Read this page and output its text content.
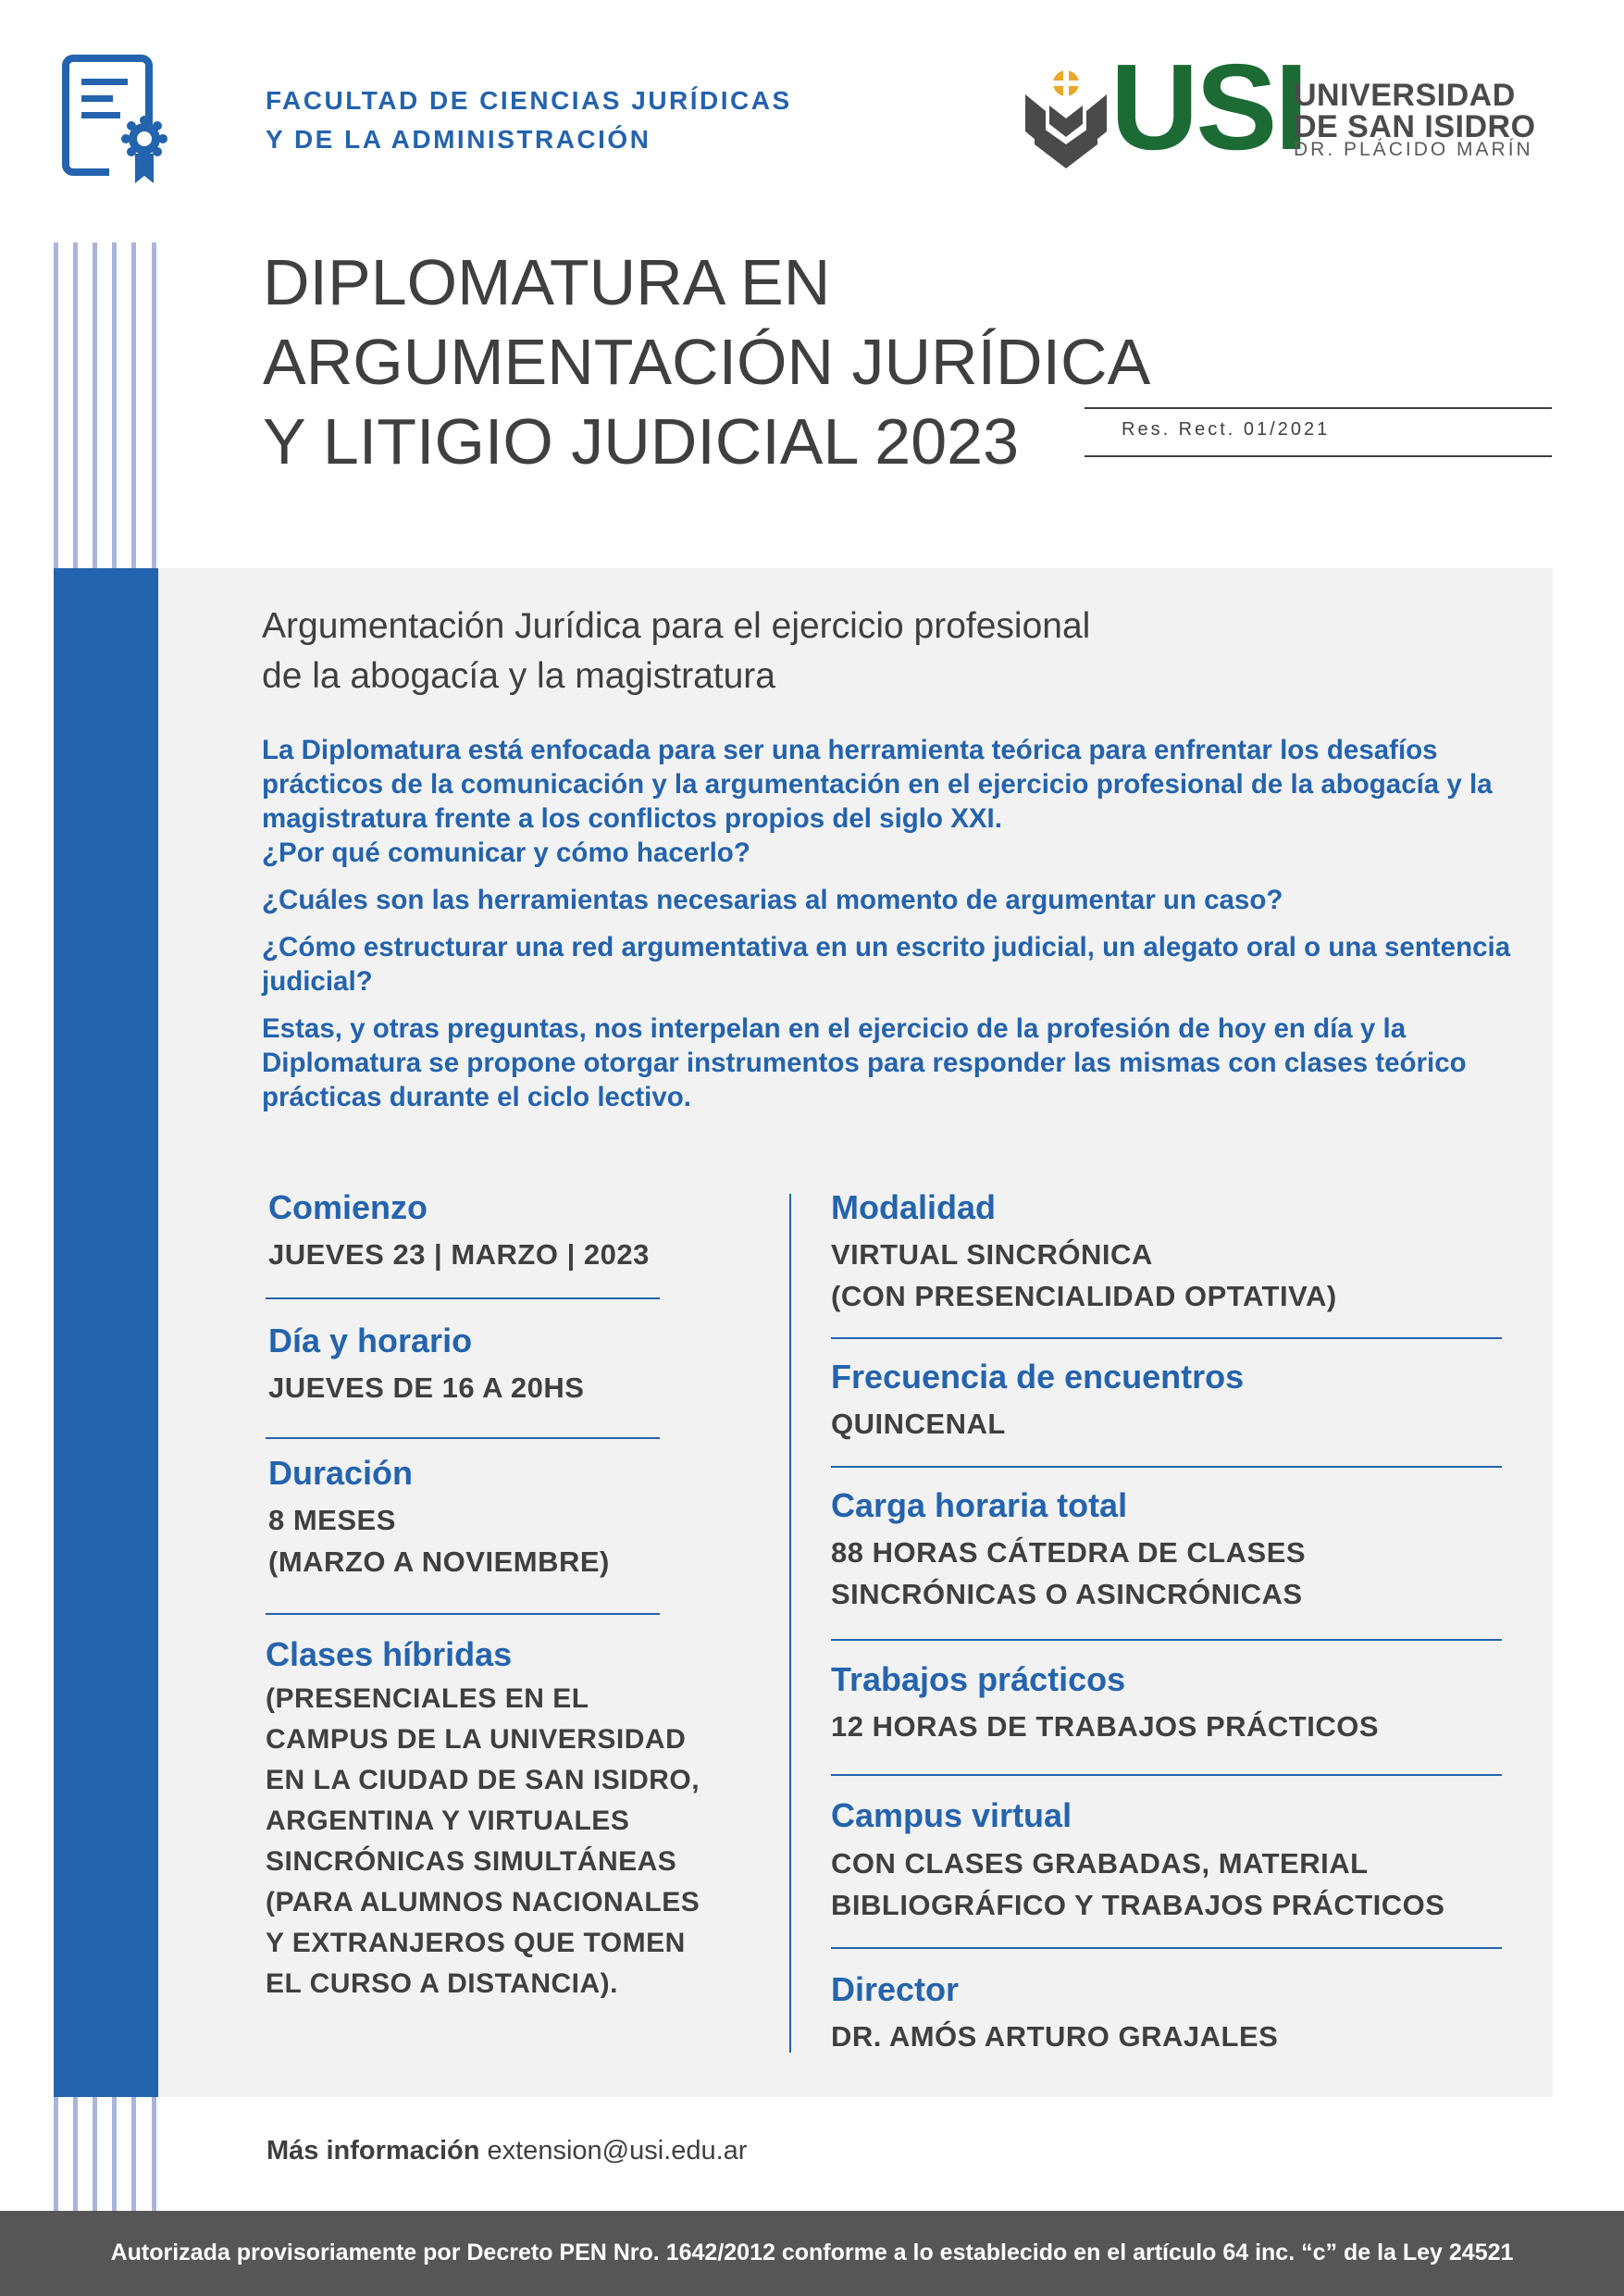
FACULTAD DE CIENCIAS JURÍDICAS
Y DE LA ADMINISTRACIÓN	USI
UNIVERSIDAD
DE SAN ISIDRO
DR. PLÁCIDO MARÍN
DIPLOMATURA EN
ARGUMENTACIÓN JURÍDICA
Y LITIGIO JUDICIAL 2023	Res. Rect. 01/2021
Argumentación Jurídica para el ejercicio profesional
de la abogacía y la magistratura

La Diplomatura está enfocada para ser una herramienta teórica para enfrentar los desafíos prácticos de la comunicación y la argumentación en el ejercicio profesional de la abogacía y la magistratura frente a los conflictos propios del siglo XXI.

¿Por qué comunicar y cómo hacerlo?

¿Cuáles son las herramientas necesarias al momento de argumentar un caso?

¿Cómo estructurar una red argumentativa en un escrito judicial, un alegato oral o una sentencia judicial?

Estas, y otras preguntas, nos interpelan en el ejercicio de la profesión de hoy en día y la Diplomatura se propone otorgar instrumentos para responder las mismas con clases teórico prácticas durante el ciclo lectivo.

Comienzo
JUEVES 23 | MARZO | 2023
Día y horario
JUEVES DE 16 A 20HS
Duración
8 MESES
(MARZO A NOVIEMBRE)
Clases híbridas
(PRESENCIALES EN EL
CAMPUS DE LA UNIVERSIDAD
EN LA CIUDAD DE SAN ISIDRO,
ARGENTINA Y VIRTUALES
SINCRÓNICAS SIMULTÁNEAS
(PARA ALUMNOS NACIONALES
Y EXTRANJEROS QUE TOMEN
EL CURSO A DISTANCIA).
Modalidad
VIRTUAL SINCRÓNICA
(CON PRESENCIALIDAD OPTATIVA)
Frecuencia de encuentros
QUINCENAL
Carga horaria total
88 HORAS CÁTEDRA DE CLASES
SINCRÓNICAS O ASINCRÓNICAS
Trabajos prácticos
12 HORAS DE TRABAJOS PRÁCTICOS
Campus virtual
CON CLASES GRABADAS, MATERIAL
BIBLIOGRÁFICO Y TRABAJOS PRÁCTICOS
Director
DR. AMÓS ARTURO GRAJALES
Más información extension@usi.edu.ar
Autorizada provisoriamente por Decreto PEN Nro. 1642/2012 conforme a lo establecido en el artículo 64 inc. “c” de la Ley 24521
